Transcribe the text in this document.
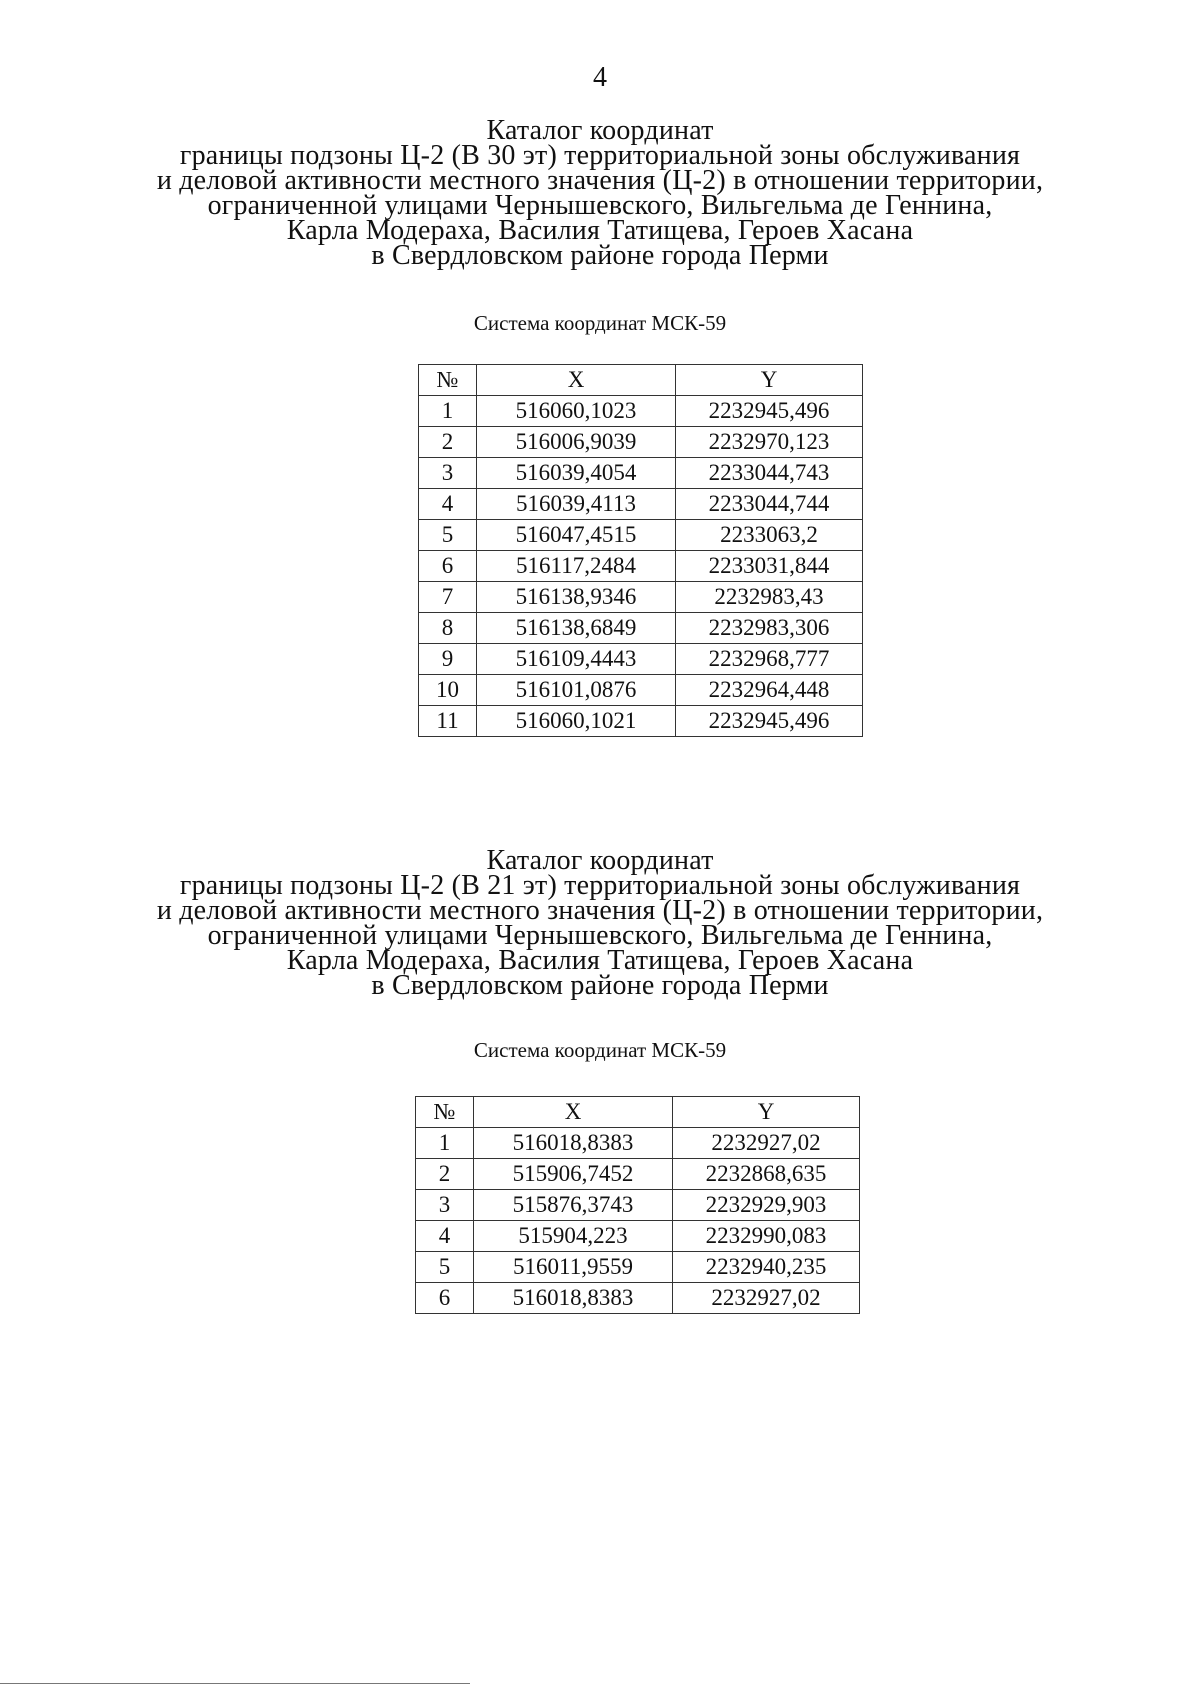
4
Каталог координат
границы подзоны Ц-2 (В 30 эт) территориальной зоны обслуживания
и деловой активности местного значения (Ц-2) в отношении территории,
ограниченной улицами Чернышевского, Вильгельма де Геннина,
Карла Модераха, Василия Татищева, Героев Хасана
в Свердловском районе города Перми
Система координат МСК-59
№	X	Y
1	516060,1023	2232945,496
2	516006,9039	2232970,123
3	516039,4054	2233044,743
4	516039,4113	2233044,744
5	516047,4515	2233063,2
6	516117,2484	2233031,844
7	516138,9346	2232983,43
8	516138,6849	2232983,306
9	516109,4443	2232968,777
10	516101,0876	2232964,448
11	516060,1021	2232945,496
Каталог координат
границы подзоны Ц-2 (В 21 эт) территориальной зоны обслуживания
и деловой активности местного значения (Ц-2) в отношении территории,
ограниченной улицами Чернышевского, Вильгельма де Геннина,
Карла Модераха, Василия Татищева, Героев Хасана
в Свердловском районе города Перми
Система координат МСК-59
№	X	Y
1	516018,8383	2232927,02
2	515906,7452	2232868,635
3	515876,3743	2232929,903
4	515904,223	2232990,083
5	516011,9559	2232940,235
6	516018,8383	2232927,02
